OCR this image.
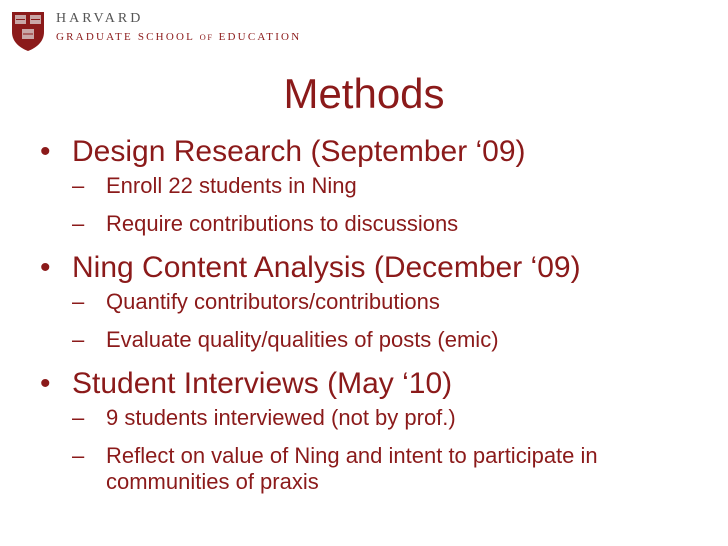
HARVARD
GRADUATE SCHOOL OF EDUCATION
Methods
• Design Research (September ‘09)
– Enroll 22 students in Ning
– Require contributions to discussions
• Ning Content Analysis (December ‘09)
– Quantify contributors/contributions
– Evaluate quality/qualities of posts (emic)
• Student Interviews (May ‘10)
– 9 students interviewed (not by prof.)
– Reflect on value of Ning and intent to participate in communities of praxis
